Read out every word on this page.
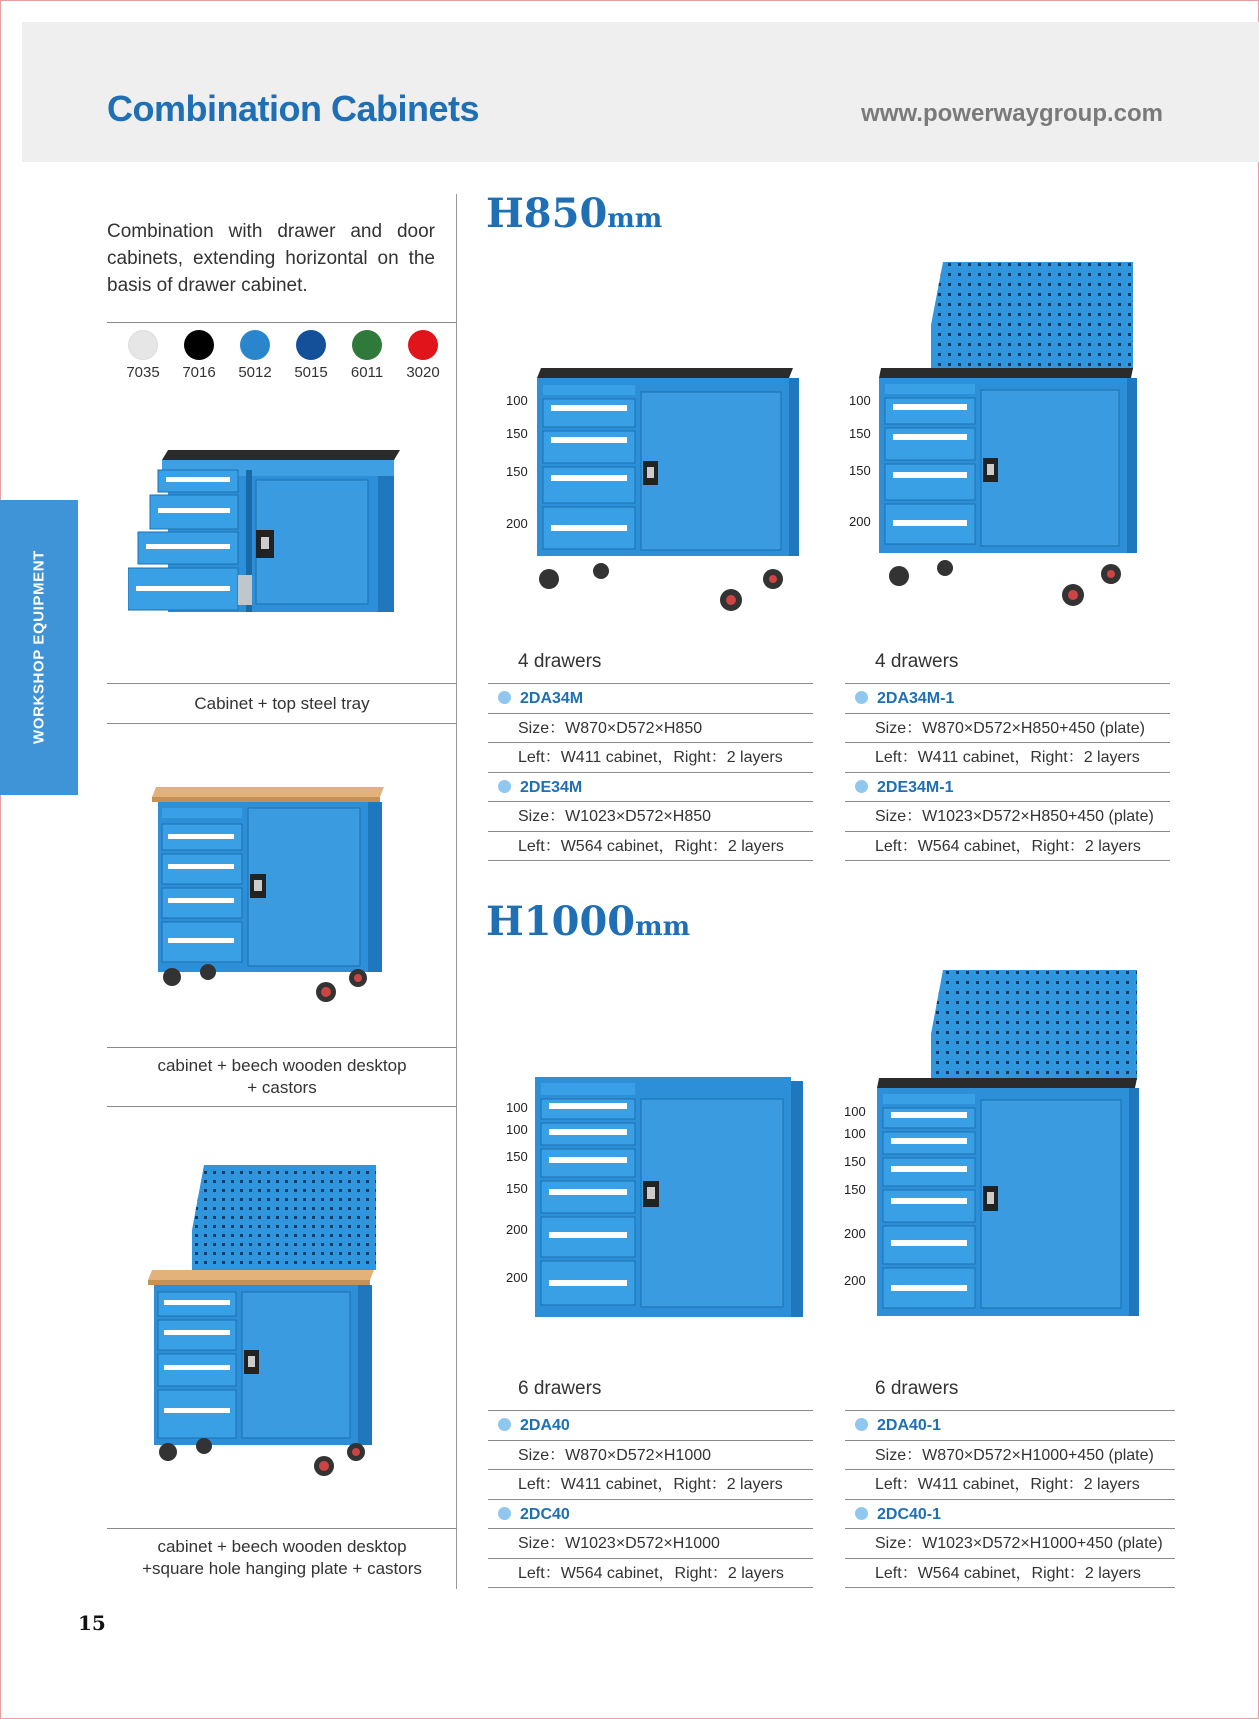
Combination Cabinets	www.powerwaygroup.com
WORKSHOP EQUIPMENT
Combination with drawer and door cabinets, extending horizontal on the basis of drawer cabinet.
7035	7016	5012	5015	6011	3020
Cabinet + top steel tray
cabinet + beech wooden desktop
+ castors
cabinet + beech wooden desktop
+square hole hanging plate + castors
H850mm
100
150
150
200
100
150
150
200
4 drawers
2DA34M
Size：W870×D572×H850
Left：W411 cabinet，Right：2 layers
2DE34M
Size：W1023×D572×H850
Left：W564 cabinet，Right：2 layers
4 drawers
2DA34M-1
Size：W870×D572×H850+450 (plate)
Left：W411 cabinet，Right：2 layers
2DE34M-1
Size：W1023×D572×H850+450 (plate)
Left：W564 cabinet，Right：2 layers
H1000mm
100
100
150
150
200
200
100
100
150
150
200
200
6 drawers
2DA40
Size：W870×D572×H1000
Left：W411 cabinet，Right：2 layers
2DC40
Size：W1023×D572×H1000
Left：W564 cabinet，Right：2 layers
6 drawers
2DA40-1
Size：W870×D572×H1000+450 (plate)
Left：W411 cabinet，Right：2 layers
2DC40-1
Size：W1023×D572×H1000+450 (plate)
Left：W564 cabinet，Right：2 layers
15
